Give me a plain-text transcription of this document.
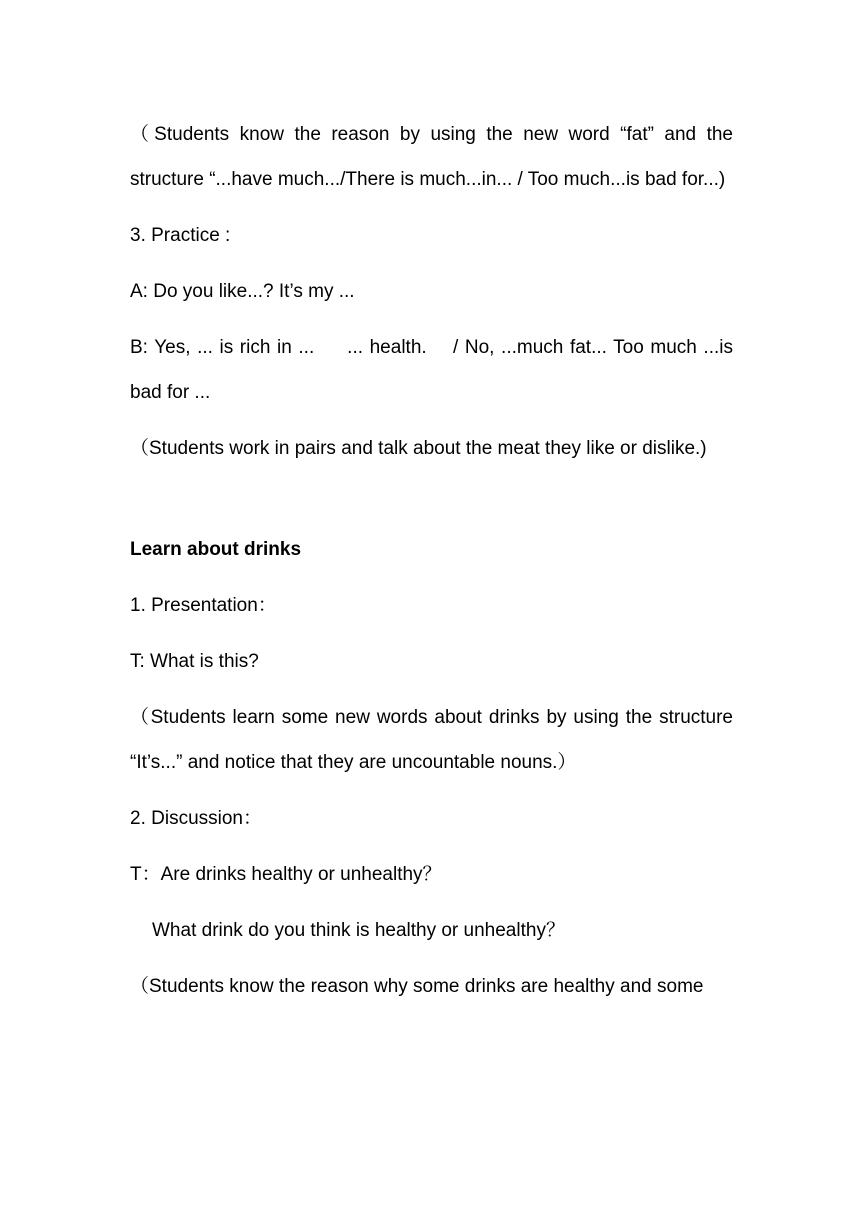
（Students know the reason by using the new word “fat” and the structure “...have much.../There is much...in... / Too much...is bad for...)

3. Practice :

A: Do you like...? It’s my ...

B: Yes, ... is rich in ...     ... health.    / No, ...much fat... Too much ...is bad for ...

（Students work in pairs and talk about the meat they like or dislike.)

Learn about drinks

1. Presentation：

T: What is this?

（Students learn some new words about drinks by using the structure “It’s...” and notice that they are uncountable nouns.）

2. Discussion：

T：Are drinks healthy or unhealthy？

What drink do you think is healthy or unhealthy？

（Students know the reason why some drinks are healthy and some
